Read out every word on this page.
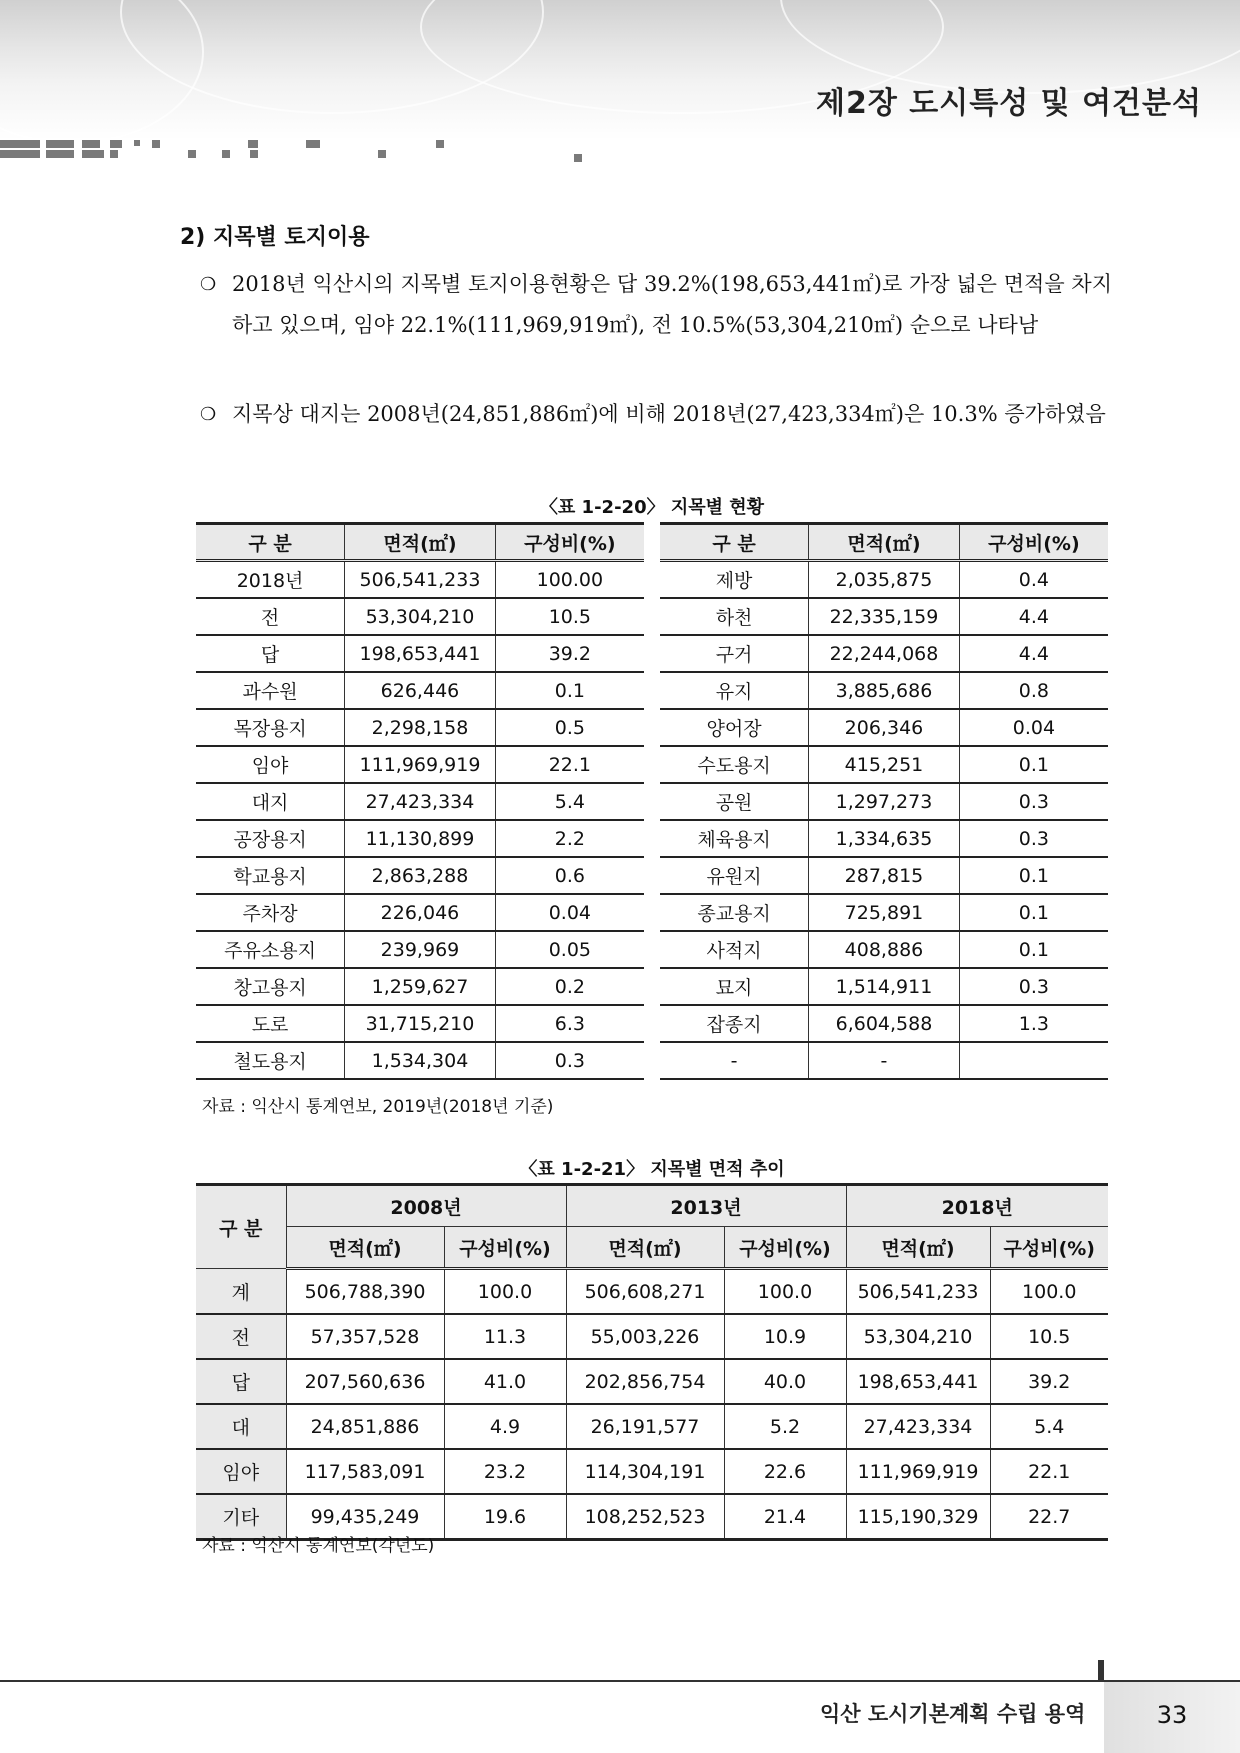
제2장 도시특성 및 여건분석
2) 지목별 토지이용
❍ 2018년 익산시의 지목별 토지이용현황은 답 39.2%(198,653,441㎡)로 가장 넓은 면적을 차지하고 있으며, 임야 22.1%(111,969,919㎡), 전 10.5%(53,304,210㎡) 순으로 나타남
❍ 지목상 대지는 2008년(24,851,886㎡)에 비해 2018년(27,423,334㎡)은 10.3% 증가하였음
〈표 1-2-20〉 지목별 현황
구 분	면적(㎡)	구성비(%)		구 분	면적(㎡)	구성비(%)
2018년	506,541,233	100.00		제방	2,035,875	0.4
전	53,304,210	10.5		하천	22,335,159	4.4
답	198,653,441	39.2		구거	22,244,068	4.4
과수원	626,446	0.1		유지	3,885,686	0.8
목장용지	2,298,158	0.5		양어장	206,346	0.04
임야	111,969,919	22.1		수도용지	415,251	0.1
대지	27,423,334	5.4		공원	1,297,273	0.3
공장용지	11,130,899	2.2		체육용지	1,334,635	0.3
학교용지	2,863,288	0.6		유원지	287,815	0.1
주차장	226,046	0.04		종교용지	725,891	0.1
주유소용지	239,969	0.05		사적지	408,886	0.1
창고용지	1,259,627	0.2		묘지	1,514,911	0.3
도로	31,715,210	6.3		잡종지	6,604,588	1.3
철도용지	1,534,304	0.3		-	-	
자료 : 익산시 통계연보, 2019년(2018년 기준)
〈표 1-2-21〉 지목별 면적 추이
구 분	2008년		2013년		2018년	
	면적(㎡)	구성비(%)	면적(㎡)	구성비(%)	면적(㎡)	구성비(%)
계	506,788,390	100.0	506,608,271	100.0	506,541,233	100.0
전	57,357,528	11.3	55,003,226	10.9	53,304,210	10.5
답	207,560,636	41.0	202,856,754	40.0	198,653,441	39.2
대	24,851,886	4.9	26,191,577	5.2	27,423,334	5.4
임야	117,583,091	23.2	114,304,191	22.6	111,969,919	22.1
기타	99,435,249	19.6	108,252,523	21.4	115,190,329	22.7
자료 : 익산시 통계연보(각년도)
익산 도시기본계획 수립 용역	33
